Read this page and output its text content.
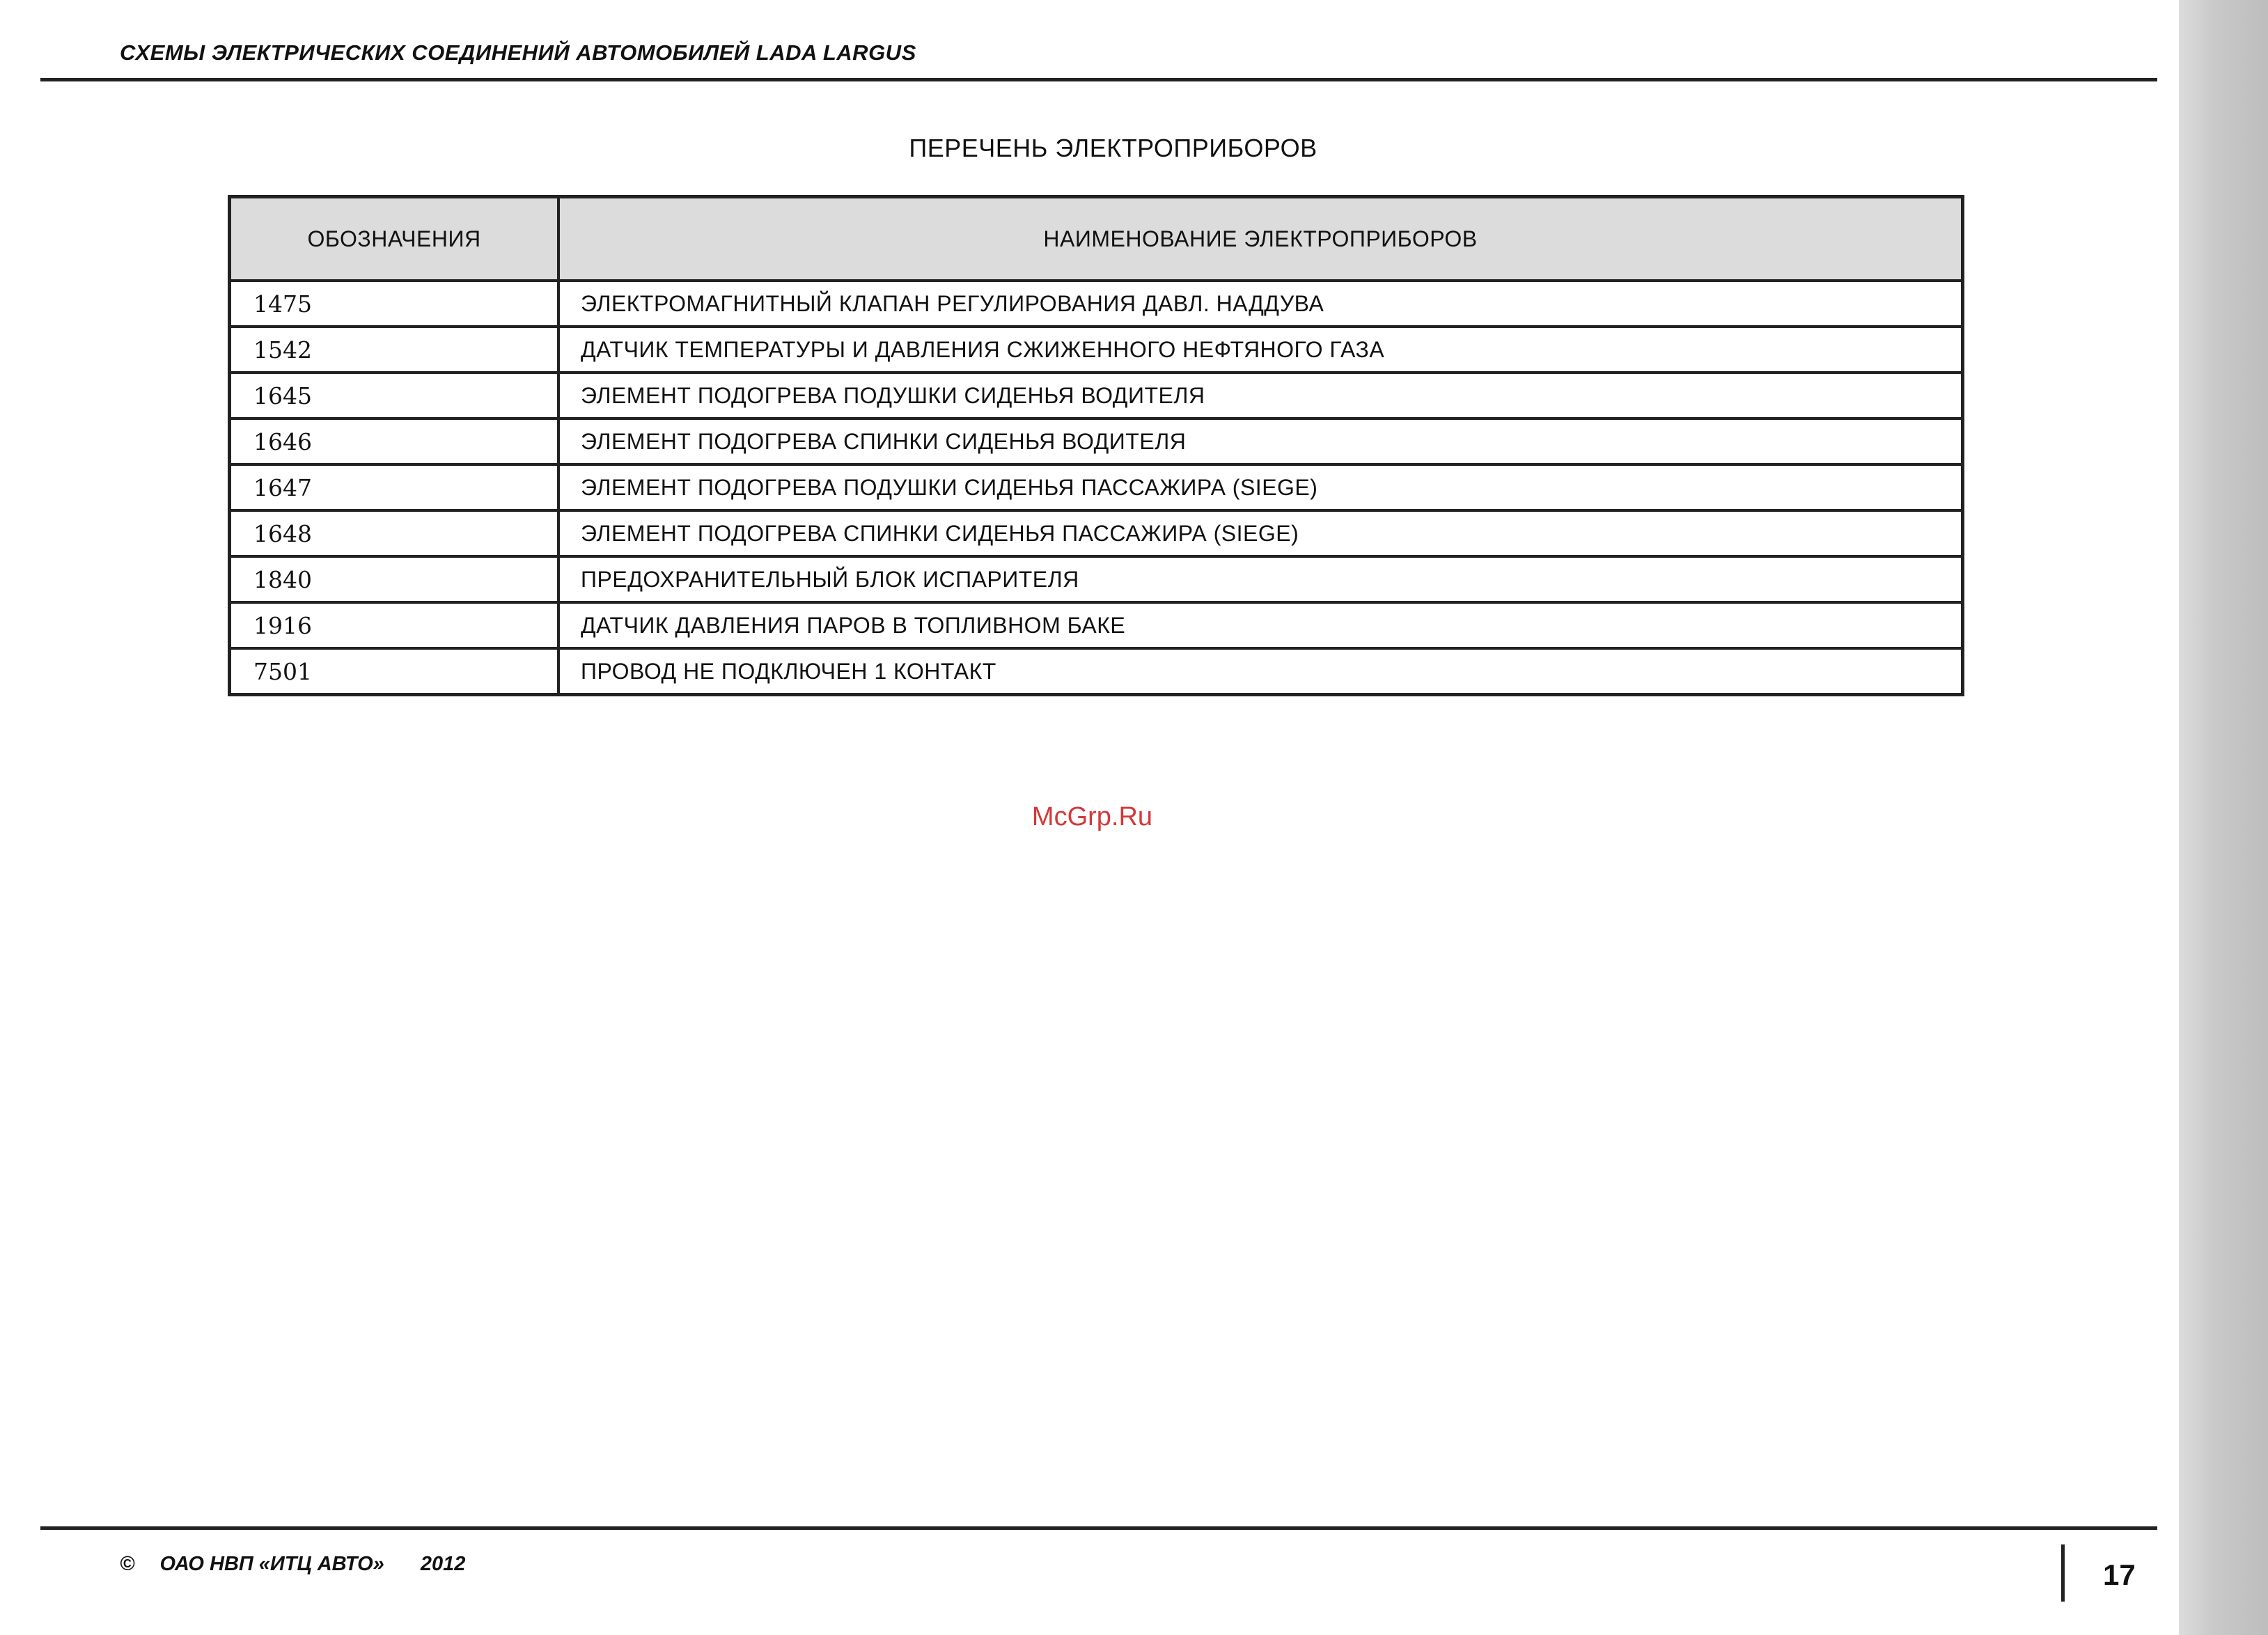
СХЕМЫ ЭЛЕКТРИЧЕСКИХ СОЕДИНЕНИЙ АВТОМОБИЛЕЙ LADA LARGUS
ПЕРЕЧЕНЬ ЭЛЕКТРОПРИБОРОВ
ОБОЗНАЧЕНИЯ	НАИМЕНОВАНИЕ ЭЛЕКТРОПРИБОРОВ
1475	ЭЛЕКТРОМАГНИТНЫЙ КЛАПАН РЕГУЛИРОВАНИЯ ДАВЛ. НАДДУВА
1542	ДАТЧИК ТЕМПЕРАТУРЫ И ДАВЛЕНИЯ СЖИЖЕННОГО НЕФТЯНОГО ГАЗА
1645	ЭЛЕМЕНТ ПОДОГРЕВА ПОДУШКИ СИДЕНЬЯ ВОДИТЕЛЯ
1646	ЭЛЕМЕНТ ПОДОГРЕВА СПИНКИ СИДЕНЬЯ ВОДИТЕЛЯ
1647	ЭЛЕМЕНТ ПОДОГРЕВА ПОДУШКИ СИДЕНЬЯ ПАССАЖИРА (SIEGE)
1648	ЭЛЕМЕНТ ПОДОГРЕВА СПИНКИ СИДЕНЬЯ ПАССАЖИРА (SIEGE)
1840	ПРЕДОХРАНИТЕЛЬНЫЙ БЛОК ИСПАРИТЕЛЯ
1916	ДАТЧИК ДАВЛЕНИЯ ПАРОВ В ТОПЛИВНОМ БАКЕ
7501	ПРОВОД НЕ ПОДКЛЮЧЕН 1 КОНТАКТ
McGrp.Ru
© ОАО НВП «ИТЦ АВТО» 2012	17
